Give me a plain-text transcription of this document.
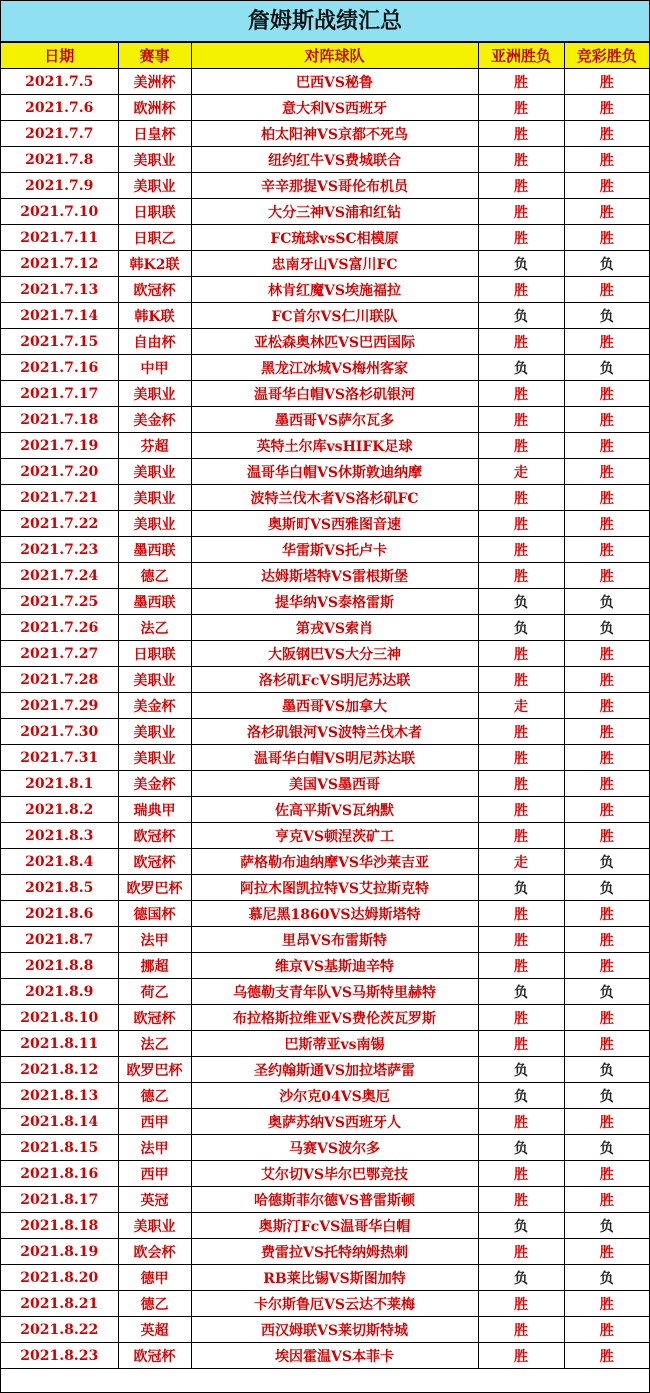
詹姆斯战绩汇总
日期	赛事	对阵球队	亚洲胜负	竞彩胜负
2021.7.5	美洲杯	巴西VS秘鲁	胜	胜
2021.7.6	欧洲杯	意大利VS西班牙	胜	胜
2021.7.7	日皇杯	柏太阳神VS京都不死鸟	胜	胜
2021.7.8	美职业	纽约红牛VS费城联合	胜	胜
2021.7.9	美职业	辛辛那提VS哥伦布机员	胜	胜
2021.7.10	日职联	大分三神VS浦和红钻	胜	胜
2021.7.11	日职乙	FC琉球vsSC相模原	胜	胜
2021.7.12	韩K2联	忠南牙山VS富川FC	负	负
2021.7.13	欧冠杯	林肯红魔VS埃施福拉	胜	胜
2021.7.14	韩K联	FC首尔VS仁川联队	负	负
2021.7.15	自由杯	亚松森奥林匹VS巴西国际	胜	胜
2021.7.16	中甲	黑龙江冰城VS梅州客家	负	负
2021.7.17	美职业	温哥华白帽VS洛杉矶银河	胜	胜
2021.7.18	美金杯	墨西哥VS萨尔瓦多	胜	胜
2021.7.19	芬超	英特土尔库vsHIFK足球	胜	胜
2021.7.20	美职业	温哥华白帽VS休斯敦迪纳摩	走	胜
2021.7.21	美职业	波特兰伐木者VS洛杉矶FC	胜	胜
2021.7.22	美职业	奥斯町VS西雅图音速	胜	胜
2021.7.23	墨西联	华雷斯VS托卢卡	胜	胜
2021.7.24	德乙	达姆斯塔特VS雷根斯堡	胜	胜
2021.7.25	墨西联	提华纳VS泰格雷斯	负	负
2021.7.26	法乙	第戎VS索肖	负	负
2021.7.27	日职联	大阪钢巴VS大分三神	胜	胜
2021.7.28	美职业	洛杉矶FcVS明尼苏达联	胜	胜
2021.7.29	美金杯	墨西哥VS加拿大	走	胜
2021.7.30	美职业	洛杉矶银河VS波特兰伐木者	胜	胜
2021.7.31	美职业	温哥华白帽VS明尼苏达联	胜	胜
2021.8.1	美金杯	美国VS墨西哥	胜	胜
2021.8.2	瑞典甲	佐高平斯VS瓦纳默	胜	胜
2021.8.3	欧冠杯	亨克VS顿涅茨矿工	胜	胜
2021.8.4	欧冠杯	萨格勒布迪纳摩VS华沙莱吉亚	走	负
2021.8.5	欧罗巴杯	阿拉木图凯拉特VS艾拉斯克特	负	负
2021.8.6	德国杯	慕尼黑1860VS达姆斯塔特	胜	胜
2021.8.7	法甲	里昂VS布雷斯特	胜	胜
2021.8.8	挪超	维京VS基斯迪辛特	胜	胜
2021.8.9	荷乙	乌德勒支青年队VS马斯特里赫特	负	负
2021.8.10	欧冠杯	布拉格斯拉维亚VS费伦茨瓦罗斯	胜	胜
2021.8.11	法乙	巴斯蒂亚vs南锡	胜	胜
2021.8.12	欧罗巴杯	圣约翰斯通VS加拉塔萨雷	负	负
2021.8.13	德乙	沙尔克04VS奥厄	负	负
2021.8.14	西甲	奥萨苏纳VS西班牙人	胜	胜
2021.8.15	法甲	马赛VS波尔多	负	负
2021.8.16	西甲	艾尔切VS毕尔巴鄂竞技	胜	胜
2021.8.17	英冠	哈德斯菲尔德VS普雷斯顿	胜	胜
2021.8.18	美职业	奥斯汀FcVS温哥华白帽	负	负
2021.8.19	欧会杯	费雷拉VS托特纳姆热刺	胜	胜
2021.8.20	德甲	RB莱比锡VS斯图加特	负	负
2021.8.21	德乙	卡尔斯鲁厄VS云达不莱梅	胜	胜
2021.8.22	英超	西汉姆联VS莱切斯特城	胜	胜
2021.8.23	欧冠杯	埃因霍温VS本菲卡	胜	胜
